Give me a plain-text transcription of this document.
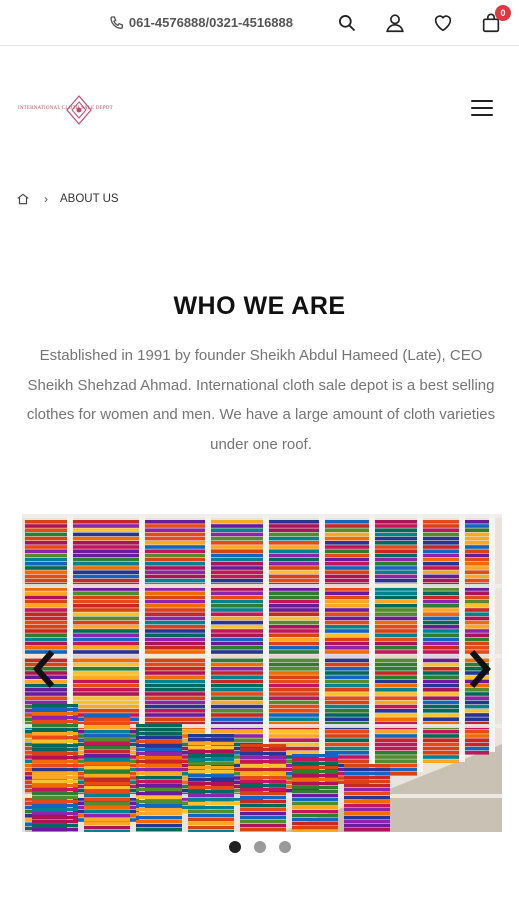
061-4576888/0321-4516888
0
INTERNATIONAL CLOTH SALE DEPOT
› ABOUT US
WHO WE ARE

Established in 1991 by founder Sheikh Abdul Hameed (Late), CEO Sheikh Shehzad Ahmad. International cloth sale depot is a best selling clothes for women and men. We have a large amount of cloth varieties under one roof.
